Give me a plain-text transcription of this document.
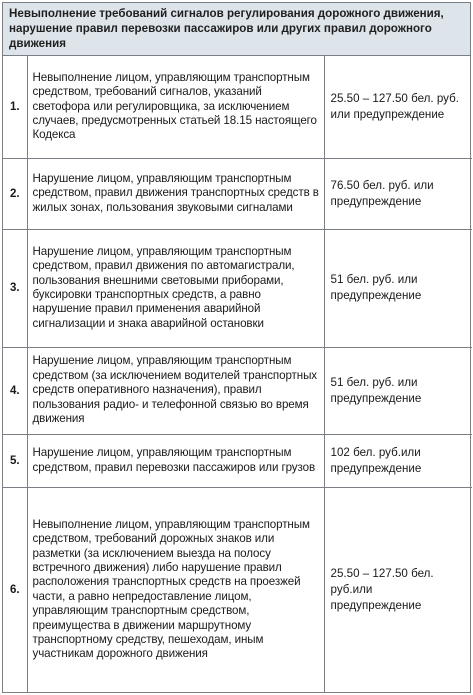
Невыполнение требований сигналов регулирования дорожного движения, нарушение правил перевозки пассажиров или других правил дорожного движения
1.	Невыполнение лицом, управляющим транспортным средством, требований сигналов, указаний светофора или регулировщика, за исключением случаев, предусмотренных статьей 18.15 настоящего Кодекса	25.50 – 127.50 бел. руб. или предупреждение
2.	Нарушение лицом, управляющим транспортным средством, правил движения транспортных средств в жилых зонах, пользования звуковыми сигналами	76.50 бел. руб. или предупреждение
3.	Нарушение лицом, управляющим транспортным средством, правил движения по автомагистрали, пользования внешними световыми приборами, буксировки транспортных средств, а равно нарушение правил применения аварийной сигнализации и знака аварийной остановки	51 бел. руб. или предупреждение
4.	Нарушение лицом, управляющим транспортным средством (за исключением водителей транспортных средств оперативного назначения), правил пользования радио- и телефонной связью во время движения	51 бел. руб. или предупреждение
5.	Нарушение лицом, управляющим транспортным средством, правил перевозки пассажиров или грузов	102 бел. руб.или предупреждение
6.	Невыполнение лицом, управляющим транспортным средством, требований дорожных знаков или разметки (за исключением выезда на полосу встречного движения) либо нарушение правил расположения транспортных средств на проезжей части, а равно непредоставление лицом, управляющим транспортным средством, преимущества в движении маршрутному транспортному средству, пешеходам, иным участникам дорожного движения	25.50 – 127.50 бел. руб.или предупреждение
